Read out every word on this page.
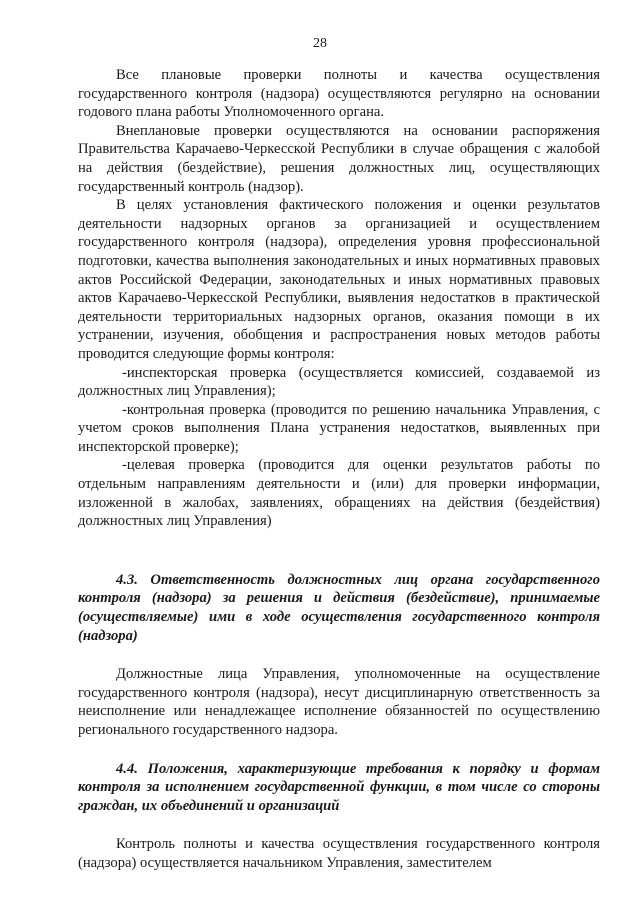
28

Все плановые проверки полноты и качества осуществления государственного контроля (надзора) осуществляются регулярно на основании годового плана работы Уполномоченного органа.

Внеплановые проверки осуществляются на основании распоряжения Правительства Карачаево-Черкесской Республики в случае обращения с жалобой на действия (бездействие), решения должностных лиц, осуществляющих государственный контроль (надзор).

В целях установления фактического положения и оценки результатов деятельности надзорных органов за организацией и осуществлением государственного контроля (надзора), определения уровня профессиональной подготовки, качества выполнения законодательных и иных нормативных правовых актов Российской Федерации, законодательных и иных нормативных правовых актов Карачаево-Черкесской Республики, выявления недостатков в практической деятельности территориальных надзорных органов, оказания помощи в их устранении, изучения, обобщения и распространения новых методов работы проводится следующие формы контроля:

-инспекторская проверка (осуществляется комиссией, создаваемой из должностных лиц Управления);

-контрольная проверка (проводится по решению начальника Управления, с учетом сроков выполнения Плана устранения недостатков, выявленных при инспекторской проверке);

-целевая проверка (проводится для оценки результатов работы по отдельным направлениям деятельности и (или) для проверки информации, изложенной в жалобах, заявлениях, обращениях на действия (бездействия) должностных лиц Управления)

4.3. Ответственность должностных лиц органа государственного контроля (надзора) за решения и действия (бездействие), принимаемые (осуществляемые) ими в ходе осуществления государственного контроля (надзора)

Должностные лица Управления, уполномоченные на осуществление государственного контроля (надзора), несут дисциплинарную ответственность за неисполнение или ненадлежащее исполнение обязанностей по осуществлению регионального государственного надзора.

4.4. Положения, характеризующие требования к порядку и формам контроля за исполнением государственной функции, в том числе со стороны граждан, их объединений и организаций

Контроль полноты и качества осуществления государственного контроля (надзора) осуществляется начальником Управления, заместителем
